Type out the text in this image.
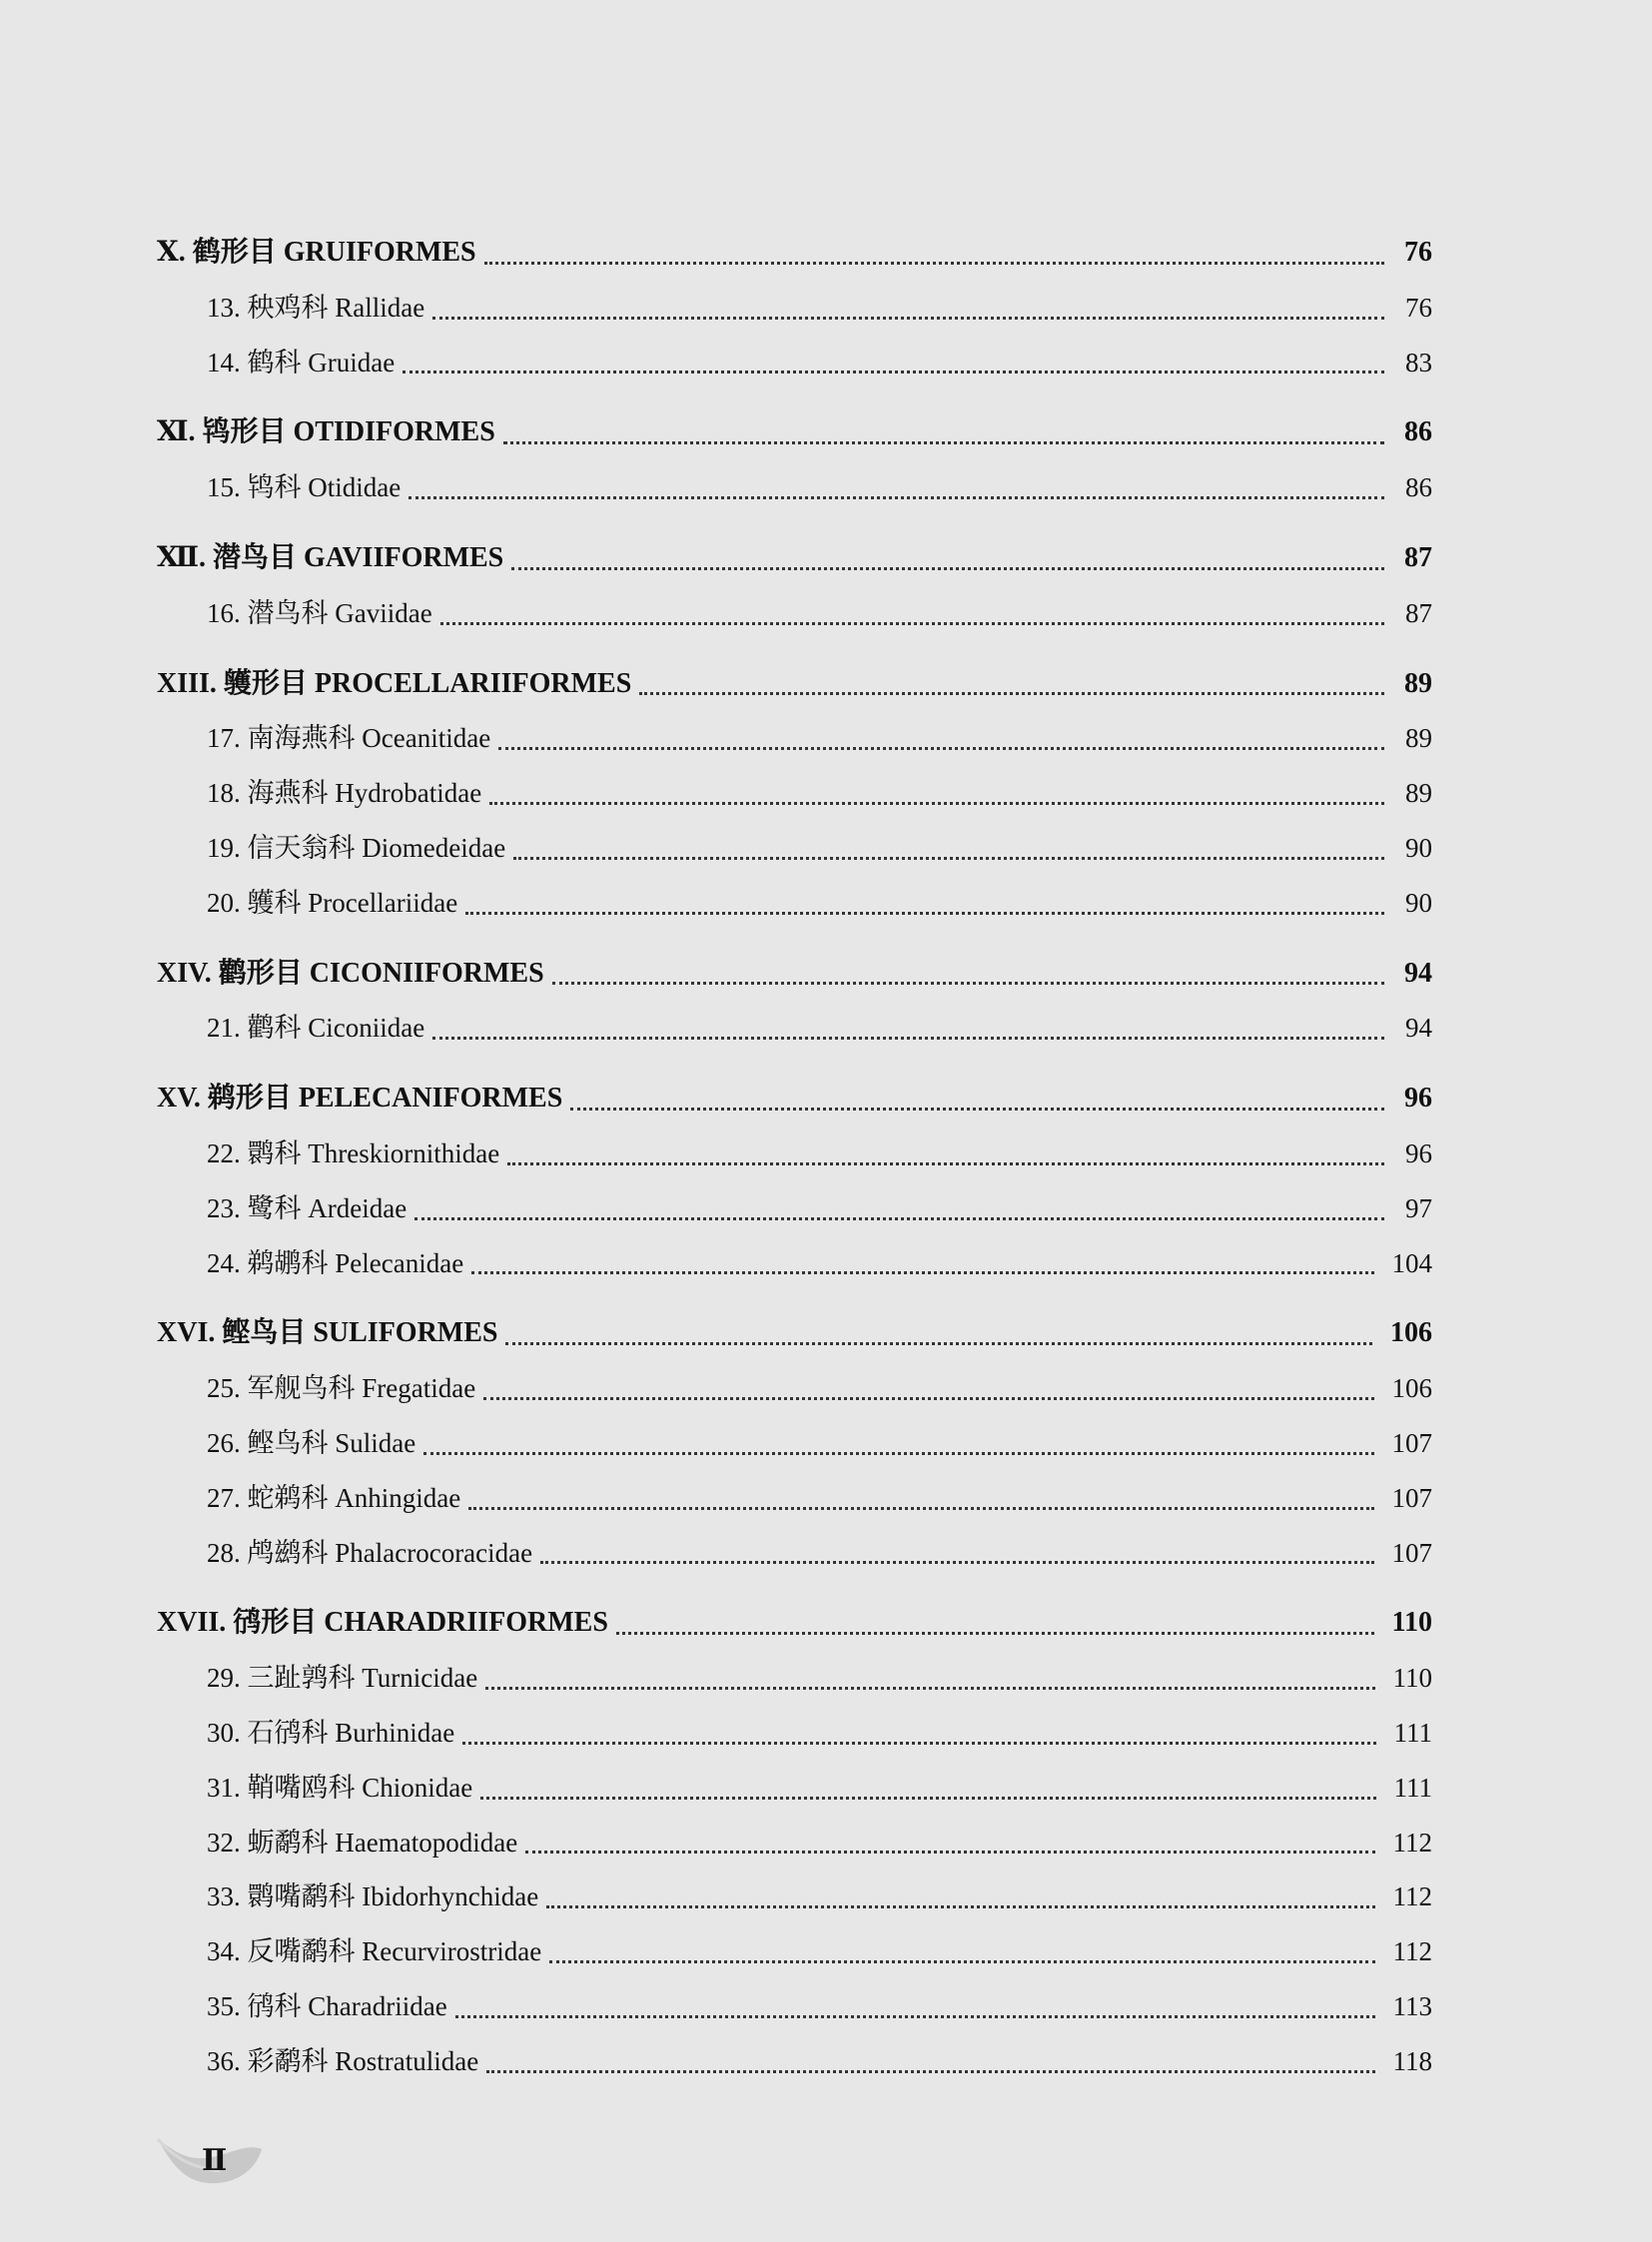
Ⅹ. 鹤形目 GRUIFORMES	76
13. 秧鸡科 Rallidae	76
14. 鹤科 Gruidae	83
Ⅺ. 鸨形目 OTIDIFORMES	86
15. 鸨科 Otididae	86
Ⅻ. 潜鸟目 GAVIIFORMES	87
16. 潜鸟科 Gaviidae	87
XIII. 鹱形目 PROCELLARIIFORMES	89
17. 南海燕科 Oceanitidae	89
18. 海燕科 Hydrobatidae	89
19. 信天翁科 Diomedeidae	90
20. 鹱科 Procellariidae	90
XIV. 鹳形目 CICONIIFORMES	94
21. 鹳科 Ciconiidae	94
XV. 鹈形目 PELECANIFORMES	96
22. 鹮科 Threskiornithidae	96
23. 鹭科 Ardeidae	97
24. 鹈鹕科 Pelecanidae	104
XVI. 鲣鸟目 SULIFORMES	106
25. 军舰鸟科 Fregatidae	106
26. 鲣鸟科 Sulidae	107
27. 蛇鹈科 Anhingidae	107
28. 鸬鹚科 Phalacrocoracidae	107
XVII. 鸻形目 CHARADRIIFORMES	110
29. 三趾鹑科 Turnicidae	110
30. 石鸻科 Burhinidae	111
31. 鞘嘴鸥科 Chionidae	111
32. 蛎鹬科 Haematopodidae	112
33. 鹮嘴鹬科 Ibidorhynchidae	112
34. 反嘴鹬科 Recurvirostridae	112
35. 鸻科 Charadriidae	113
36. 彩鹬科 Rostratulidae	118
Ⅱ
